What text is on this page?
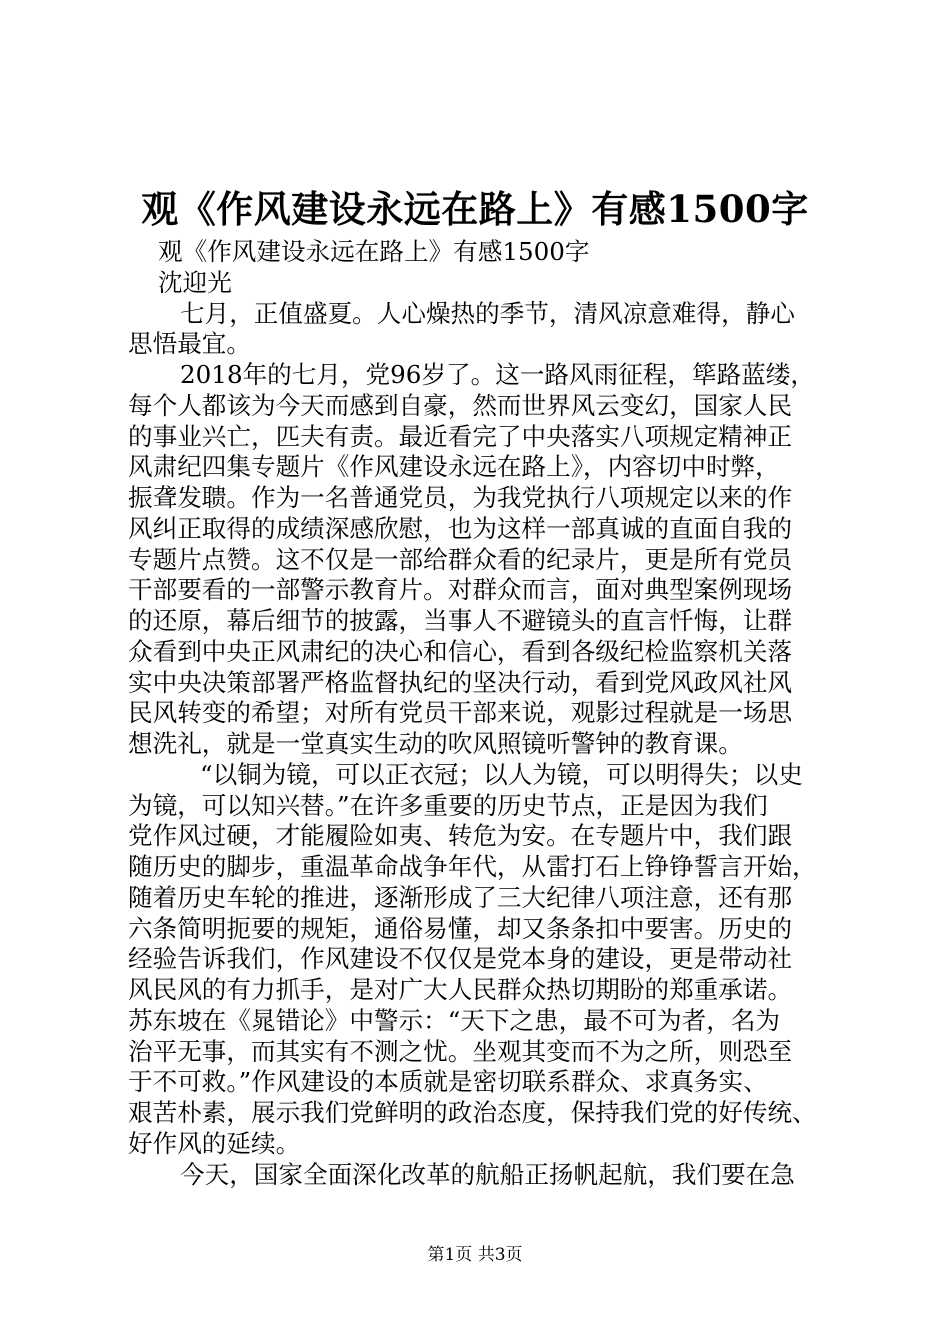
观《作风建设永远在路上》有感1500字
观《作风建设永远在路上》有感1500字
沈迎光
七月，正值盛夏。人心燥热的季节，清风凉意难得，静心
思悟最宜。
2018年的七月，党96岁了。这一路风雨征程，筚路蓝缕，
每个人都该为今天而感到自豪，然而世界风云变幻，国家人民
的事业兴亡，匹夫有责。最近看完了中央落实八项规定精神正
风肃纪四集专题片《作风建设永远在路上》，内容切中时弊，
振聋发聩。作为一名普通党员，为我党执行八项规定以来的作
风纠正取得的成绩深感欣慰，也为这样一部真诚的直面自我的
专题片点赞。这不仅是一部给群众看的纪录片，更是所有党员
干部要看的一部警示教育片。对群众而言，面对典型案例现场
的还原，幕后细节的披露，当事人不避镜头的直言忏悔，让群
众看到中央正风肃纪的决心和信心，看到各级纪检监察机关落
实中央决策部署严格监督执纪的坚决行动，看到党风政风社风
民风转变的希望；对所有党员干部来说，观影过程就是一场思
想洗礼，就是一堂真实生动的吹风照镜听警钟的教育课。
“以铜为镜，可以正衣冠；以人为镜，可以明得失；以史
为镜，可以知兴替。”在许多重要的历史节点，正是因为我们
党作风过硬，才能履险如夷、转危为安。在专题片中，我们跟
随历史的脚步，重温革命战争年代，从雷打石上铮铮誓言开始，
随着历史车轮的推进，逐渐形成了三大纪律八项注意，还有那
六条简明扼要的规矩，通俗易懂，却又条条扣中要害。历史的
经验告诉我们，作风建设不仅仅是党本身的建设，更是带动社
风民风的有力抓手，是对广大人民群众热切期盼的郑重承诺。
苏东坡在《晁错论》中警示：“天下之患，最不可为者，名为
治平无事，而其实有不测之忧。坐观其变而不为之所，则恐至
于不可救。”作风建设的本质就是密切联系群众、求真务实、
艰苦朴素，展示我们党鲜明的政治态度，保持我们党的好传统、
好作风的延续。
今天，国家全面深化改革的航船正扬帆起航，我们要在急
第1页 共3页
